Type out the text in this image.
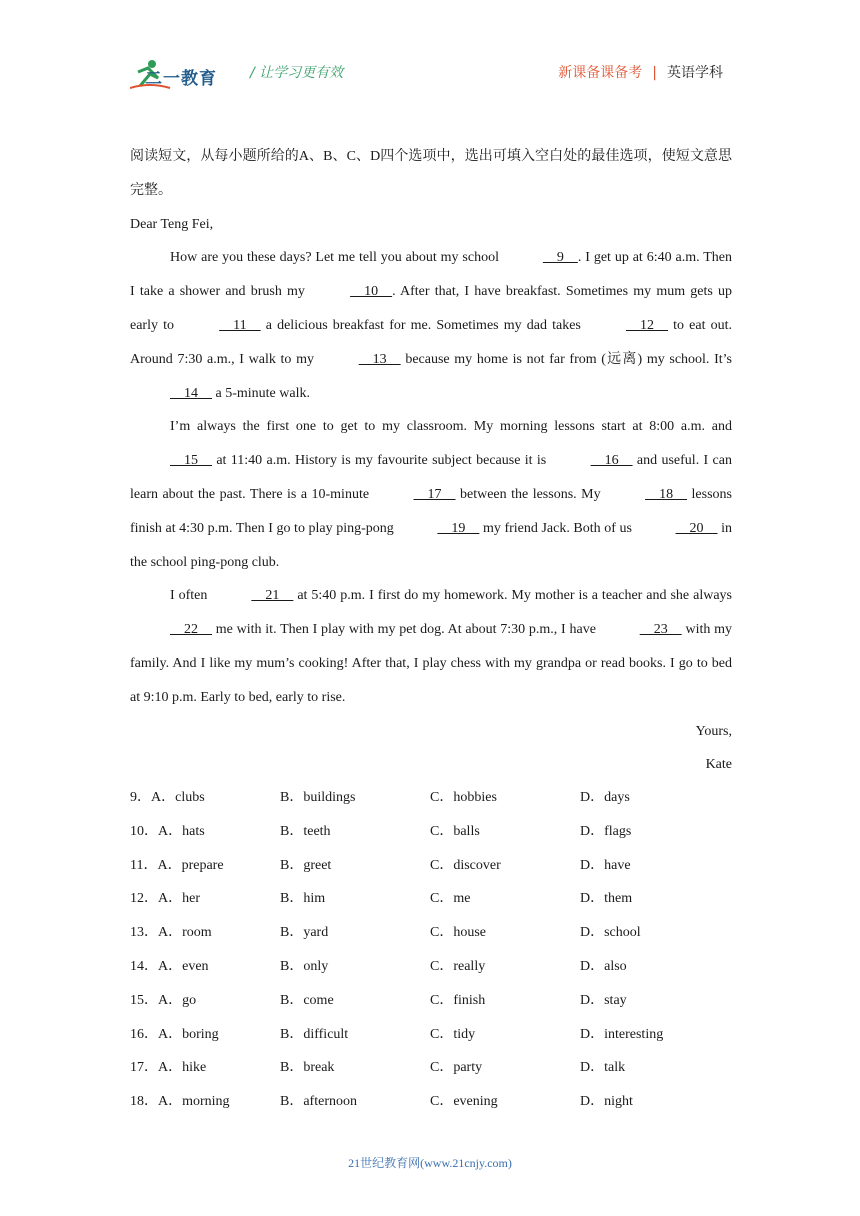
二一教育 / 让学习更有效	新课备课备考 | 英语学科

阅读短文，从每小题所给的A、B、C、D四个选项中，选出可填入空白处的最佳选项，使短文意思完整。

Dear Teng Fei,

How are you these days? Let me tell you about my school	9    . I get up at 6:40 a.m. Then I take a shower and brush my	10    . After that, I have breakfast. Sometimes my mum gets up early to	11     a delicious breakfast for me. Sometimes my dad takes	12     to eat out. Around 7:30 a.m., I walk to my	13     because my home is not far from (远离) my school. It’s     14     a 5-minute walk.

I’m always the first one to get to my classroom. My morning lessons start at 8:00 a.m. and     15     at 11:40 a.m. History is my favourite subject because it is	16     and useful. I can learn about the past. There is a 10-minute	17     between the lessons. My	18     lessons finish at 4:30 p.m. Then I go to play ping-pong	19     my friend Jack. Both of us	20     in the school ping-pong club.

I often	21     at 5:40 p.m. I first do my homework. My mother is a teacher and she always     22     me with it. Then I play with my pet dog. At about 7:30 p.m., I have	23     with my family. And I like my mum’s cooking! After that, I play chess with my grandpa or read books. I go to bed at 9:10 p.m. Early to bed, early to rise.

Yours,

Kate

9．A．clubs	B．buildings	C．hobbies	D．days
10．A．hats	B．teeth	C．balls	D．flags
11．A．prepare	B．greet	C．discover	D．have
12．A．her	B．him	C．me	D．them
13．A．room	B．yard	C．house	D．school
14．A．even	B．only	C．really	D．also
15．A．go	B．come	C．finish	D．stay
16．A．boring	B．difficult	C．tidy	D．interesting
17．A．hike	B．break	C．party	D．talk
18．A．morning	B．afternoon	C．evening	D．night
21世纪教育网(www.21cnjy.com)
